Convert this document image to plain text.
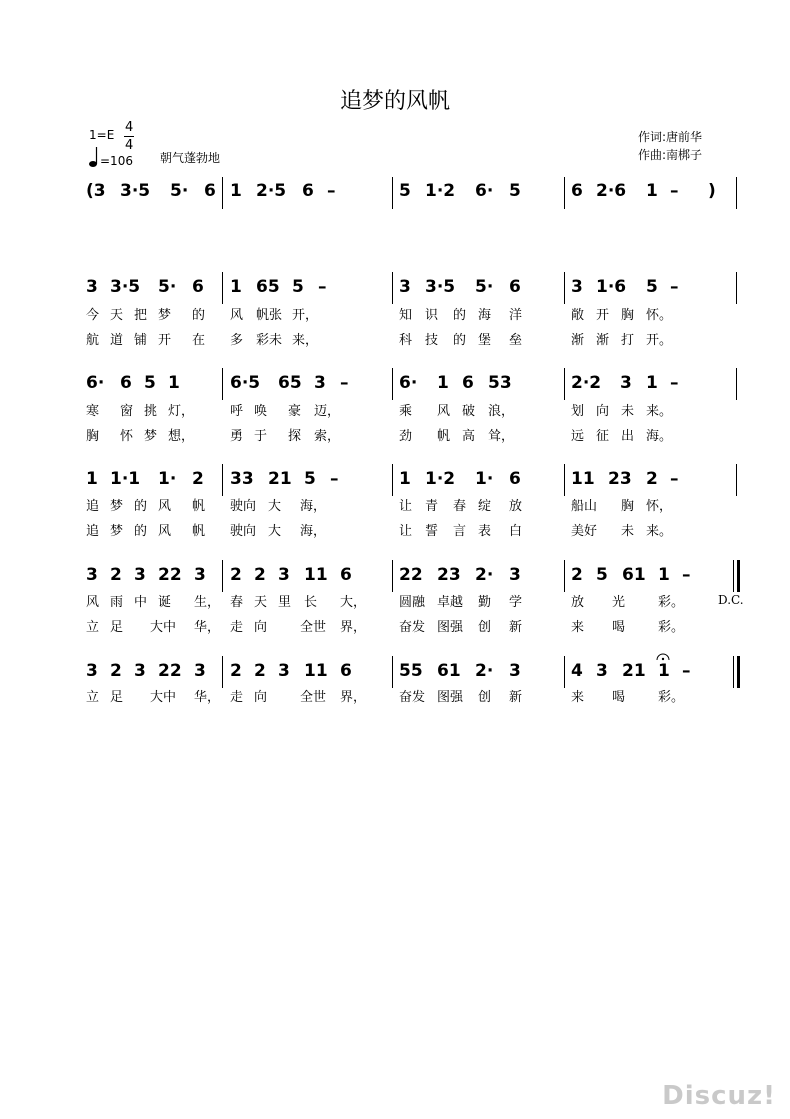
追梦的风帆
1=E 4
4
=106 朝气蓬勃地
作词:唐前华
作曲:南梆子
(3 3·5 5· 6 1 2·5 6 –	5 1·2 6· 5	6 2·6 1 – )
3 3·5 5· 6 1 65 5 –	3 3·5 5· 6	3 1·6 5 –
今 天 把 梦 的 风 帆张 开，	知 识 的 海 洋	敞 开 胸 怀。
航 道 铺 开 在 多 彩未 来，	科 技 的 堡 垒	渐 渐 打 开。
6· 6 5 1	6·5 65 3 –	6· 1 6 53	2·2 3 1 –
寒 窗 挑 灯，	呼 唤 豪 迈，	乘 风 破 浪，	划 向 未 来。
胸 怀 梦 想，	勇 于 探 索，	劲 帆 高 耸，	远 征 出 海。
1 1·1 1· 2 33 21 5 –	1 1·2 1· 6	11 23 2 –
追 梦 的 风 帆 驶向 大 海，	让 青 春 绽 放	船山 胸 怀，
追 梦 的 风 帆 驶向 大 海，	让 誓 言 表 白	美好 未 来。
3 2 3 22 3 2 2 3 11 6	22 23 2· 3	2 5 61 1 –
风 雨 中 诞 生， 春 天 里 长 大，	圆融 卓越 勤 学	放 光	彩。	D.C.
立 足 大中 华， 走 向	全世 界，	奋发 图强 创 新	来 喝	彩。
3 2 3 22 3 2 2 3 11 6	55 61 2· 3	4 3 21 1 –
立 足 大中 华， 走 向	全世 界，	奋发 图强 创 新	来 喝	彩。
Discuz!
